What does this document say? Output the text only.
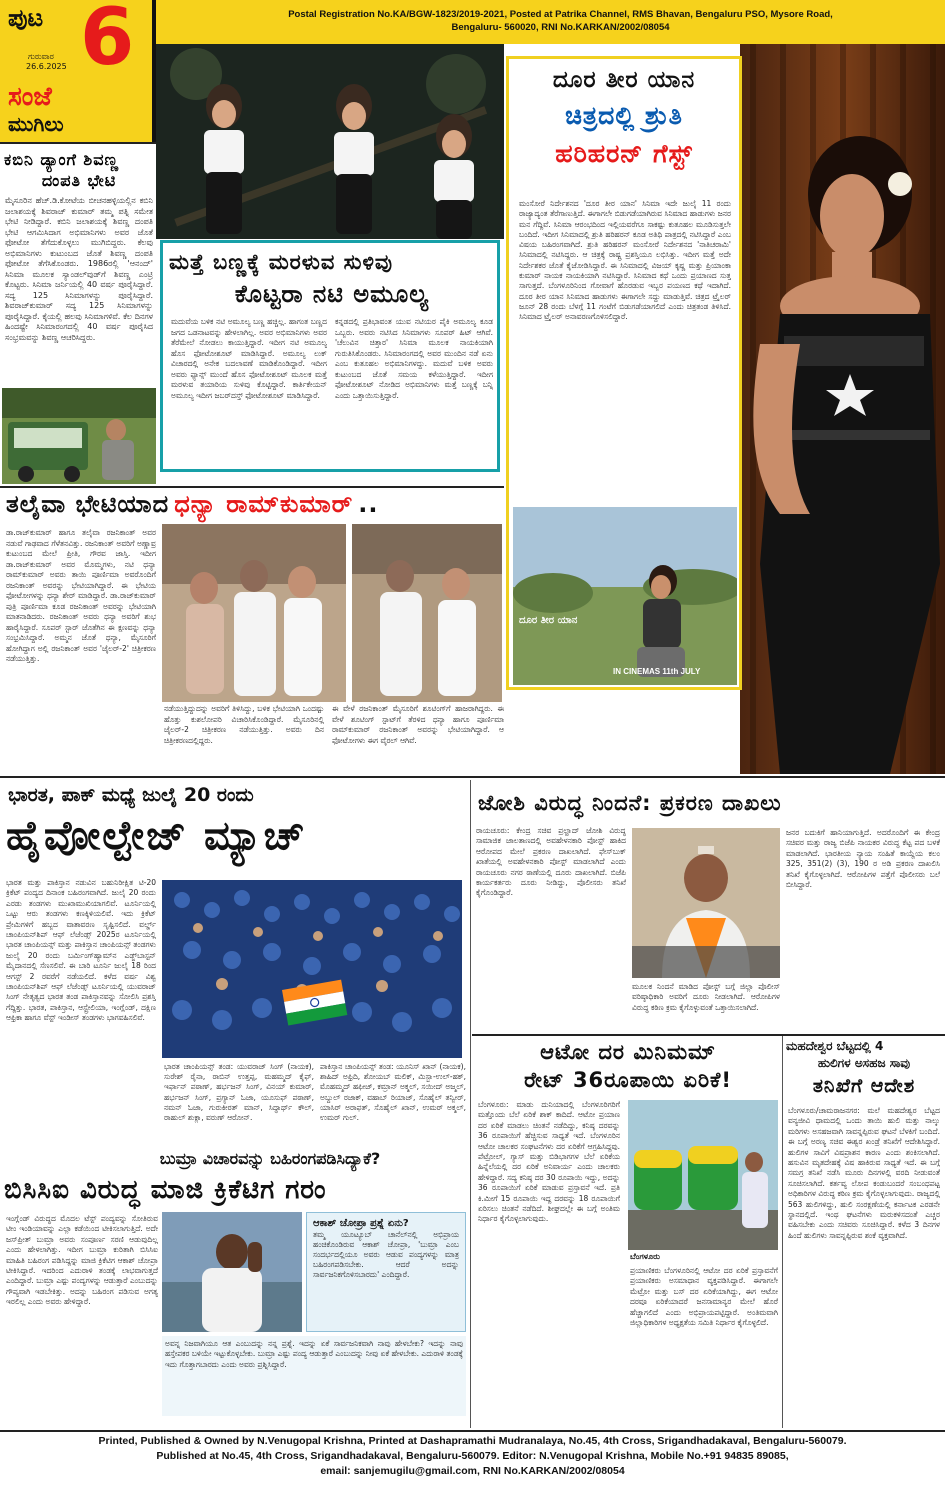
ಪುಟ 6
ಗುರುವಾರ
26.6.2025
ಸಂಜೆ
ಮುಗಿಲು
Postal Registration No.KA/BGW-1823/2019-2021, Posted at Patrika Channel, RMS Bhavan, Bengaluru PSO, Mysore Road,
Bengaluru- 560020, RNI No.KARKAN/2002/08054
ಕಬಿನಿ ಡ್ಯಾಂಗೆ ಶಿವಣ್ಣ
ದಂಪತಿ ಭೇಟಿ
ಮೈಸೂರಿನ ಹೆಚ್.ಡಿ.ಕೋಟೆಯ ಬೀಚನಹಳ್ಳಿಯಲ್ಲಿನ ಕಬಿನಿ ಜಲಾಶಯಕ್ಕೆ ಶಿವರಾಜ್ ಕುಮಾರ್ ತಮ್ಮ ಪತ್ನಿ ಸಮೇತ ಭೇಟಿ ನೀಡಿದ್ದಾರೆ. ಕಬಿನಿ ಜಲಾಶಯಕ್ಕೆ ಶಿವಣ್ಣ ದಂಪತಿ ಭೇಟಿ ಆಗಮಿಸಿದಾಗ ಅಭಿಮಾನಿಗಳು ಅವರ ಜೊತೆ ಫೋಟೋ ತೆಗೆದುಕೊಳ್ಳಲು ಮುಗಿಬಿದ್ದರು. ಕೆಲವು ಅಭಿಮಾನಿಗಳು ಕುಟುಂಬದ ಜೊತೆ ಶಿವಣ್ಣ ದಂಪತಿ ಫೋಟೋ ತೆಗೆಸಿಕೊಂಡರು. 1986ರಲ್ಲಿ 'ಆನಂದ್' ಸಿನಿಮಾ ಮೂಲಕ ಸ್ಯಾಂಡಲ್‌ವುಡ್‌ಗೆ ಶಿವಣ್ಣ ಎಂಟ್ರಿ ಕೊಟ್ಟರು. ಸಿನಿಮಾ ಜರ್ನಿಯಲ್ಲಿ 40 ವರ್ಷ ಪೂರೈಸಿದ್ದಾರೆ. ಸದ್ಯ 125 ಸಿನಿಮಾಗಳನ್ನು ಪೂರೈಸಿದ್ದಾರೆ. ಶಿವರಾಜ್‌ಕುಮಾರ್ ಸದ್ಯ 125 ಸಿನಿಮಾಗಳನ್ನು ಪೂರೈಸಿದ್ದಾರೆ. ಕೈಯಲ್ಲಿ ಹಲವು ಸಿನಿಮಾಗಳಿವೆ. ಕೆಲ ದಿನಗಳ ಹಿಂದಷ್ಟೇ ಸಿನಿಮಾರಂಗದಲ್ಲಿ 40 ವರ್ಷ ಪೂರೈಸಿದ ಸಂಭ್ರಮವನ್ನು ಶಿವಣ್ಣ ಆಚರಿಸಿದ್ದರು.
ಮತ್ತೆ ಬಣ್ಣಕ್ಕೆ ಮರಳುವ ಸುಳಿವು
ಕೊಟ್ಟರಾ ನಟಿ ಅಮೂಲ್ಯ
ಮದುವೆಯ ಬಳಿಕ ನಟಿ ಅಮೂಲ್ಯ ಬಣ್ಣ ಹಚ್ಚಿಲ್ಲ. ಹಾಗಂತ ಬಣ್ಣದ ಜಗದ ಒಡನಾಟವನ್ನು ಹೇಳಲಾಗಿಲ್ಲ. ಅವರ ಅಭಿಮಾನಿಗಳು ಅವರ ತೆರೆಮೇಲೆ ನೋಡಲು ಕಾಯುತ್ತಿದ್ದಾರೆ. ಇದೀಗ ನಟಿ ಅಮೂಲ್ಯ ಹೊಸ ಫೋಟೋಶೂಟ್ ಮಾಡಿಸಿದ್ದಾರೆ. ಅಮೂಲ್ಯ ಲುಕ್ ವಿಚಾರದಲ್ಲಿ ಅನೇಕ ಬದಲಾವಣೆ ಮಾಡಿಕೊಂಡಿದ್ದಾರೆ. ಇದೀಗ ಅವರು ಫ್ಯಾನ್ಸ್ ಮುಂದೆ ಹೊಸ ಫೋಟೋಶೂಟ್ ಮೂಲಕ ಮತ್ತೆ ಮರಳುವ ತಯಾರಿಯ ಸುಳಿವು ಕೊಟ್ಟಿದ್ದಾರೆ. ಕಾರ್ತಿಕೇಯನ್ ಅಮೂಲ್ಯ ಇದೀಗ ಜಬರ್‌ದಸ್ತ್ ಫೋಟೋಶೂಟ್ ಮಾಡಿಸಿದ್ದಾರೆ.
ಕನ್ನಡದಲ್ಲಿ ಪ್ರತಿಭಾವಂತ ಯುವ ನಟಿಯರ ಪೈಕಿ ಅಮೂಲ್ಯ ಕೂಡ ಒಬ್ಬರು. ಅವರು ನಟಿಸಿದ ಸಿನಿಮಾಗಳು ಸೂಪರ್ ಹಿಟ್ ಆಗಿವೆ. 'ಚೆಲುವಿನ ಚಿತ್ತಾರ' ಸಿನಿಮಾ ಮೂಲಕ ನಾಯಕಿಯಾಗಿ ಗುರುತಿಸಿಕೊಂಡರು. ಸಿನಿಮಾರಂಗದಲ್ಲಿ ಅವರ ಮುಂದಿನ ನಡೆ ಏನು ಎಂಬ ಕುತೂಹಲ ಅಭಿಮಾನಿಗಳದ್ದು. ಮದುವೆ ಬಳಿಕ ಅವರು ಕುಟುಂಬದ ಜೊತೆ ಸಮಯ ಕಳೆಯುತ್ತಿದ್ದಾರೆ. ಇದೀಗ ಫೋಟೋಶೂಟ್ ನೋಡಿದ ಅಭಿಮಾನಿಗಳು ಮತ್ತೆ ಬಣ್ಣಕ್ಕೆ ಬನ್ನಿ ಎಂದು ಒತ್ತಾಯಿಸುತ್ತಿದ್ದಾರೆ.
ದೂರ ತೀರ ಯಾನ
ಚಿತ್ರದಲ್ಲಿ ಶ್ರುತಿ
ಹರಿಹರನ್ ಗೆಸ್ಟ್
ಮಂಸೋರೆ ನಿರ್ದೇಶನದ 'ದೂರ ತೀರ ಯಾನ' ಸಿನಿಮಾ ಇದೇ ಜುಲೈ 11 ರಂದು ರಾಜ್ಯಾದ್ಯಂತ ತೆರೆಗಾಣುತ್ತಿದೆ. ಈಗಾಗಲೇ ಬಿಡುಗಡೆಯಾಗಿರುವ ಸಿನಿಮಾದ ಹಾಡುಗಳು ಜನರ ಮನ ಗೆದ್ದಿವೆ. ಸಿನಿಮಾ ಆರಂಭದಿಂದ ಇಲ್ಲಿಯವರೆಗೂ ಸಾಕಷ್ಟು ಕುತೂಹಲ ಮೂಡಿಸುತ್ತಲೇ ಬಂದಿದೆ. ಇದೀಗ ಸಿನಿಮಾದಲ್ಲಿ ಶ್ರುತಿ ಹರಿಹರನ್ ಕೂಡ ಅತಿಥಿ ಪಾತ್ರದಲ್ಲಿ ನಟಿಸಿದ್ದಾರೆ ಎಂಬ ವಿಷಯ ಬಹಿರಂಗವಾಗಿದೆ. ಶ್ರುತಿ ಹರಿಹರನ್ ಮಂಸೋರೆ ನಿರ್ದೇಶನದ 'ನಾತಿಚರಾಮಿ' ಸಿನಿಮಾದಲ್ಲಿ ನಟಿಸಿದ್ದರು. ಆ ಚಿತ್ರಕ್ಕೆ ರಾಷ್ಟ್ರ ಪ್ರಶಸ್ತಿಯೂ ಲಭಿಸಿತ್ತು. ಇದೀಗ ಮತ್ತೆ ಅದೇ ನಿರ್ದೇಶಕರ ಜೊತೆ ಕೈಜೋಡಿಸಿದ್ದಾರೆ. ಈ ಸಿನಿಮಾದಲ್ಲಿ ವಿಜಯ್ ಕೃಷ್ಣ ಮತ್ತು ಪ್ರಿಯಾಂಕಾ ಕುಮಾರ್ ನಾಯಕ ನಾಯಕಿಯಾಗಿ ನಟಿಸಿದ್ದಾರೆ. ಸಿನಿಮಾದ ಕಥೆ ಒಂದು ಪ್ರಯಾಣದ ಸುತ್ತ ಸಾಗುತ್ತದೆ. ಬೆಂಗಳೂರಿನಿಂದ ಗೋವಾಗೆ ಹೊರಡುವ ಇಬ್ಬರ ಪಯಣದ ಕಥೆ ಇದಾಗಿದೆ. ದೂರ ತೀರ ಯಾನ ಸಿನಿಮಾದ ಹಾಡುಗಳು ಈಗಾಗಲೇ ಸದ್ದು ಮಾಡುತ್ತಿವೆ. ಚಿತ್ರದ ಟ್ರೈಲರ್ ಜೂನ್ 28 ರಂದು ಬೆಳಗ್ಗೆ 11 ಗಂಟೆಗೆ ಬಿಡುಗಡೆಯಾಗಲಿದೆ ಎಂದು ಚಿತ್ರತಂಡ ತಿಳಿಸಿದೆ. ಸಿನಿಮಾದ ಟ್ರೈಲರ್ ಅನಾವರಣಗೊಳಿಸಲಿದ್ದಾರೆ.
ದೂರ ತೀರ ಯಾನ
IN CINEMAS 11th JULY
ತಲೈವಾ ಭೇಟಿಯಾದ ಧನ್ಯಾ ರಾಮ್‌ಕುಮಾರ್ ..
ಡಾ.ರಾಜ್‌ಕುಮಾರ್ ಹಾಗೂ ತಲೈವಾ ರಜನಿಕಾಂತ್ ಅವರ ನಡುವೆ ಗಾಢವಾದ ಗೆಳೆತನವಿತ್ತು. ರಜನಿಕಾಂತ್ ಅವರಿಗೆ ಅಣ್ಣಾವ್ರ ಕುಟುಂಬದ ಮೇಲೆ ಪ್ರೀತಿ, ಗೌರವ ಜಾಸ್ತಿ. ಇದೀಗ ಡಾ.ರಾಜ್‌ಕುಮಾರ್ ಅವರ ಮೊಮ್ಮಗಳು, ನಟಿ ಧನ್ಯಾ ರಾಮ್‌ಕುಮಾರ್ ಅವರು ತಾಯಿ ಪೂರ್ಣಿಮಾ ಅವರೊಂದಿಗೆ ರಜನಿಕಾಂತ್ ಅವರನ್ನು ಭೇಟಿಯಾಗಿದ್ದಾರೆ. ಈ ಭೇಟಿಯ ಫೋಟೋಗಳನ್ನು ಧನ್ಯಾ ಶೇರ್ ಮಾಡಿದ್ದಾರೆ. ಡಾ.ರಾಜ್‌ಕುಮಾರ್ ಪುತ್ರಿ ಪೂರ್ಣಿಮಾ ಕೂಡ ರಜನಿಕಾಂತ್ ಅವರನ್ನು ಭೇಟಿಯಾಗಿ ಮಾತನಾಡಿದರು. ರಜನಿಕಾಂತ್ ಅವರು ಧನ್ಯಾ ಅವರಿಗೆ ಶುಭ ಹಾರೈಸಿದ್ದಾರೆ. ಸೂಪರ್ ಸ್ಟಾರ್ ಜೊತೆಗಿನ ಈ ಕ್ಷಣವನ್ನು ಧನ್ಯಾ ಸಂಭ್ರಮಿಸಿದ್ದಾರೆ. ಅಮ್ಮನ ಜೊತೆ ಧನ್ಯಾ, ಮೈಸೂರಿಗೆ ಹೋಗಿದ್ದಾಗ ಅಲ್ಲಿ ರಜನಿಕಾಂತ್ ಅವರ 'ಜೈಲರ್-2' ಚಿತ್ರೀಕರಣ ನಡೆಯುತ್ತಿತ್ತು.
ನಡೆಯುತ್ತಿದ್ದುದನ್ನು ಅವರಿಗೆ ತಿಳಿಸಿದ್ದು, ಬಳಿಕ ಭೇಟಿಯಾಗಿ ಒಂದಷ್ಟು ಹೊತ್ತು ಕುಶಲೋಪರಿ ವಿಚಾರಿಸಿಕೊಂಡಿದ್ದಾರೆ. ಮೈಸೂರಿನಲ್ಲಿ ಜೈಲರ್-2 ಚಿತ್ರೀಕರಣ ನಡೆಯುತ್ತಿತ್ತು. ಅವರು ದಿನ ಚಿತ್ರೀಕರಣದಲ್ಲಿದ್ದರು.
ಈ ವೇಳೆ ರಜನಿಕಾಂತ್ ಮೈಸೂರಿಗೆ ಶೂಟಿಂಗ್‌ಗೆ ಹಾಜರಾಗಿದ್ದರು. ಈ ವೇಳೆ ಶೂಟಿಂಗ್ ಸ್ಪಾಟ್‌ಗೆ ತೆರಳಿದ ಧನ್ಯಾ ಹಾಗೂ ಪೂರ್ಣಿಮಾ ರಾಮ್‌ಕುಮಾರ್ ರಜನಿಕಾಂತ್ ಅವರನ್ನು ಭೇಟಿಯಾಗಿದ್ದಾರೆ. ಆ ಫೋಟೋಗಳು ಈಗ ವೈರಲ್ ಆಗಿವೆ.
ಭಾರತ, ಪಾಕ್ ಮಧ್ಯೆ ಜುಲೈ 20 ರಂದು
ಹೈವೋಲ್ಟೇಜ್ ಮ್ಯಾಚ್
ಭಾರತ ಮತ್ತು ಪಾಕಿಸ್ತಾನ ನಡುವಿನ ಬಹುನಿರೀಕ್ಷಿತ ಟಿ-20 ಕ್ರಿಕೆಟ್ ಪಂದ್ಯದ ದಿನಾಂಕ ಬಹಿರಂಗವಾಗಿದೆ. ಜುಲೈ 20 ರಂದು ಎರಡು ತಂಡಗಳು ಮುಖಾಮುಖಿಯಾಗಲಿವೆ. ಟೂರ್ನಿಯಲ್ಲಿ ಒಟ್ಟು ಆರು ತಂಡಗಳು ಕಣಕ್ಕಿಳಿಯಲಿವೆ. ಇದು ಕ್ರಿಕೆಟ್ ಪ್ರೇಮಿಗಳಿಗೆ ಹಬ್ಬದ ವಾತಾವರಣ ಸೃಷ್ಟಿಸಲಿದೆ. ವರ್ಲ್ಡ್ ಚಾಂಪಿಯನ್‌ಶಿಪ್ ಆಫ್ ಲೆಜೆಂಡ್ಸ್ 2025ರ ಟೂರ್ನಿಯಲ್ಲಿ ಭಾರತ ಚಾಂಪಿಯನ್ಸ್ ಮತ್ತು ಪಾಕಿಸ್ತಾನ ಚಾಂಪಿಯನ್ಸ್ ತಂಡಗಳು ಜುಲೈ 20 ರಂದು ಬರ್ಮಿಂಗ್‌ಹ್ಯಾಮ್‌ನ ಎಡ್ಜ್‌ಬಾಸ್ಟನ್ ಮೈದಾನದಲ್ಲಿ ಸೆಣಸಲಿವೆ. ಈ ಬಾರಿ ಟೂರ್ನಿ ಜುಲೈ 18 ರಿಂದ ಆಗಸ್ಟ್ 2 ರವರೆಗೆ ನಡೆಯಲಿದೆ. ಕಳೆದ ವರ್ಷ ವಿಶ್ವ ಚಾಂಪಿಯನ್‌ಶಿಪ್ ಆಫ್ ಲೆಜೆಂಡ್ಸ್ ಟೂರ್ನಿಯಲ್ಲಿ ಯುವರಾಜ್ ಸಿಂಗ್ ನೇತೃತ್ವದ ಭಾರತ ತಂಡ ಪಾಕಿಸ್ತಾನವನ್ನು ಸೋಲಿಸಿ ಪ್ರಶಸ್ತಿ ಗೆದ್ದಿತ್ತು. ಭಾರತ, ಪಾಕಿಸ್ತಾನ, ಆಸ್ಟ್ರೇಲಿಯಾ, ಇಂಗ್ಲೆಂಡ್, ದಕ್ಷಿಣ ಆಫ್ರಿಕಾ ಹಾಗೂ ವೆಸ್ಟ್ ಇಂಡೀಸ್ ತಂಡಗಳು ಭಾಗವಹಿಸಲಿವೆ.
ಭಾರತ ಚಾಂಪಿಯನ್ಸ್ ತಂಡ: ಯುವರಾಜ್ ಸಿಂಗ್ (ನಾಯಕ), ಸುರೇಶ್ ರೈನಾ, ರಾಬಿನ್ ಉತ್ತಪ್ಪ, ಮಹಮ್ಮದ್ ಕೈಫ್, ಇರ್ಫಾನ್ ಪಠಾಣ್, ಹರ್ಭಜನ್ ಸಿಂಗ್, ವಿನಯ್ ಕುಮಾರ್, ಹರ್ಭಜನ್ ಸಿಂಗ್, ಪ್ರಗ್ಯಾನ್ ಓಜಾ, ಯೂಸುಫ್ ಪಠಾಣ್, ನಮನ್ ಓಜಾ, ಗುರುಕೀರತ್ ಮಾನ್, ಸಿದ್ಧಾರ್ಥ್ ಕೌಲ್, ರಾಹುಲ್ ಶುಕ್ಲಾ, ವರುಣ್ ಆರೋನ್.
ಪಾಕಿಸ್ತಾನ ಚಾಂಪಿಯನ್ಸ್ ತಂಡ: ಯೂನಿಸ್ ಖಾನ್ (ನಾಯಕ), ಶಾಹಿದ್ ಅಫ್ರಿದಿ, ಶೋಯಬ್ ಮಲಿಕ್, ಮಿಸ್ಬಾ-ಉಲ್-ಹಕ್, ಮೊಹಮ್ಮದ್ ಹಫೀಜ್, ಕಮ್ರಾನ್ ಅಕ್ಮಲ್, ಸಯೀದ್ ಅಜ್ಮಲ್, ಅಬ್ದುಲ್ ರಜಾಕ್, ವಹಾಬ್ ರಿಯಾಜ್, ಸೊಹೈಲ್ ತನ್ವೀರ್, ಯಾಸಿರ್ ಅರಾಫತ್, ಸೊಹೈಲ್ ಖಾನ್, ಉಮರ್ ಅಕ್ಮಲ್, ಉಮರ್ ಗುಲ್.
ಬುಮ್ರಾ ವಿಚಾರವನ್ನು ಬಹಿರಂಗಪಡಿಸಿದ್ಯಾಕೆ?
ಬಿಸಿಸಿಐ ವಿರುದ್ಧ ಮಾಜಿ ಕ್ರಿಕೆಟಿಗ ಗರಂ
ಇಂಗ್ಲೆಂಡ್ ವಿರುದ್ಧದ ಮೊದಲ ಟೆಸ್ಟ್ ಪಂದ್ಯವನ್ನು ಸೋತಿರುವ ಟೀಂ ಇಂಡಿಯಾವನ್ನು ಎಲ್ಲಾ ಕಡೆಯಿಂದ ಟೀಕಿಸಲಾಗುತ್ತಿದೆ. ಅದೇ ಜಸ್‌ಪ್ರೀತ್ ಬುಮ್ರಾ ಅವರು ಸಂಪೂರ್ಣ ಸರಣಿ ಆಡುವುದಿಲ್ಲ ಎಂದು ಹೇಳಲಾಗಿತ್ತು. ಇದೀಗ ಬುಮ್ರಾ ಕುರಿತಾಗಿ ಬಿಸಿಸಿಐ ಮಾಹಿತಿ ಬಹಿರಂಗ ಪಡಿಸಿದ್ದನ್ನು ಮಾಜಿ ಕ್ರಿಕೆಟಿಗ ಆಕಾಶ್ ಚೋಪ್ರಾ ಟೀಕಿಸಿದ್ದಾರೆ. ಇದರಿಂದ ಎದುರಾಳಿ ತಂಡಕ್ಕೆ ಲಾಭವಾಗುತ್ತದೆ ಎಂದಿದ್ದಾರೆ. ಬುಮ್ರಾ ಎಷ್ಟು ಪಂದ್ಯಗಳನ್ನು ಆಡುತ್ತಾರೆ ಎಂಬುದನ್ನು ಗೌಪ್ಯವಾಗಿ ಇಡಬೇಕಿತ್ತು. ಅದನ್ನು ಬಹಿರಂಗ ಪಡಿಸುವ ಅಗತ್ಯ ಇರಲಿಲ್ಲ ಎಂದು ಅವರು ಹೇಳಿದ್ದಾರೆ.
ಆಕಾಶ್ ಚೋಪ್ರಾ ಪ್ರಶ್ನೆ ಏನು?
ತಮ್ಮ ಯೂಟ್ಯೂಬ್ ಚಾನೆಲ್‌ನಲ್ಲಿ ಅಭಿಪ್ರಾಯ ಹಂಚಿಕೊಂಡಿರುವ ಆಕಾಶ್ ಚೋಪ್ರಾ, 'ಬುಮ್ರಾ ಎಂಬ ಸಂದರ್ಭದಲ್ಲಿಯೂ ಅವರು ಆಡುವ ಪಂದ್ಯಗಳನ್ನು ಮಾತ್ರ ಬಹಿರಂಗಪಡಿಸಬೇಕು. ಆದರೆ ಅದನ್ನು ಸಾರ್ವಜನಿಕಗೊಳಿಸಬಾರದು' ಎಂದಿದ್ದಾರೆ.
ಅವನ್ನ ನಿಜವಾಗಿಯೂ ಆತ ಎಂಬುದನ್ನು ನನ್ನ ಪ್ರಶ್ನೆ. ಇದನ್ನು ಏಕೆ ಸಾರ್ವಜನಿಕವಾಗಿ ನಾವು ಹೇಳಬೇಕು? ಇದನ್ನು ನಾವು ಹಸ್ತೇಪಕರ ಬಳಿಯೇ ಇಟ್ಟುಕೊಳ್ಳಬೇಕು. ಬುಮ್ರಾ ಎಷ್ಟು ಪಂದ್ಯ ಆಡುತ್ತಾರೆ ಎಂಬುದನ್ನು ನೀವು ಏಕೆ ಹೇಳಬೇಕು. ಎದುರಾಳಿ ತಂಡಕ್ಕೆ ಇದು ಗೊತ್ತಾಗಬಾರದು ಎಂದು ಅವರು ಪ್ರಶ್ನಿಸಿದ್ದಾರೆ.
ಜೋಶಿ ವಿರುದ್ಧ ನಿಂದನೆ: ಪ್ರಕರಣ ದಾಖಲು
ರಾಯಚೂರು: ಕೇಂದ್ರ ಸಚಿವ ಪ್ರಲ್ಹಾದ್ ಜೋಶಿ ವಿರುದ್ಧ ಸಾಮಾಜಿಕ ಜಾಲತಾಣದಲ್ಲಿ ಅವಹೇಳನಕಾರಿ ಪೋಸ್ಟ್ ಹಾಕಿದ ಆರೋಪದ ಮೇಲೆ ಪ್ರಕರಣ ದಾಖಲಾಗಿದೆ. ಫೇಸ್‌ಬುಕ್ ಖಾತೆಯಲ್ಲಿ ಅವಹೇಳನಕಾರಿ ಪೋಸ್ಟ್ ಮಾಡಲಾಗಿದೆ ಎಂದು ರಾಯಚೂರು ನಗರ ಠಾಣೆಯಲ್ಲಿ ದೂರು ದಾಖಲಾಗಿದೆ. ಬಿಜೆಪಿ ಕಾರ್ಯಕರ್ತರು ದೂರು ನೀಡಿದ್ದು, ಪೊಲೀಸರು ತನಿಖೆ ಕೈಗೊಂಡಿದ್ದಾರೆ.
ಮೂಲಕ ನಿಂದನೆ ಮಾಡಿದ ಪೋಸ್ಟ್ ಬಗ್ಗೆ ಜಿಲ್ಲಾ ಪೊಲೀಸ್ ವರಿಷ್ಠಾಧಿಕಾರಿ ಅವರಿಗೆ ದೂರು ನೀಡಲಾಗಿದೆ. ಆರೋಪಿಗಳ ವಿರುದ್ಧ ಕಠಿಣ ಕ್ರಮ ಕೈಗೊಳ್ಳುವಂತೆ ಒತ್ತಾಯಿಸಲಾಗಿದೆ.
ಜನರ ಬದುಕಿಗೆ ಹಾನಿಯಾಗುತ್ತಿದೆ. ಅದರೊಂದಿಗೆ ಈ ಕೇಂದ್ರ ಸಚಿವರ ಮತ್ತು ರಾಜ್ಯ ಬಿಜೆಪಿ ನಾಯಕರ ವಿರುದ್ಧ ಕೆಟ್ಟ ಪದ ಬಳಕೆ ಮಾಡಲಾಗಿದೆ. ಭಾರತೀಯ ನ್ಯಾಯ ಸಂಹಿತೆ ಕಾಯ್ದೆಯ ಕಲಂ 325, 351(2) (3), 190 ರ ಅಡಿ ಪ್ರಕರಣ ದಾಖಲಿಸಿ ತನಿಖೆ ಕೈಗೊಳ್ಳಲಾಗಿದೆ. ಆರೋಪಿಗಳ ಪತ್ತೆಗೆ ಪೊಲೀಸರು ಬಲೆ ಬೀಸಿದ್ದಾರೆ.
ಆಟೋ ದರ ಮಿನಿಮಮ್
ರೇಟ್ 36ರೂಪಾಯಿ ಏರಿಕೆ!
ಬೆಂಗಳೂರು: ಮಾಡು ದುನಿಯಾದಲ್ಲಿ ಬೆಂಗಳೂರಿಗರಿಗೆ ಮತ್ತೊಂದು ಬೆಲೆ ಏರಿಕೆ ಶಾಕ್ ಕಾದಿದೆ. ಆಟೋ ಪ್ರಯಾಣ ದರ ಏರಿಕೆ ಮಾಡಲು ಚಿಂತನೆ ನಡೆದಿದ್ದು, ಕನಿಷ್ಠ ದರವನ್ನು 36 ರೂಪಾಯಿಗೆ ಹೆಚ್ಚಿಸುವ ಸಾಧ್ಯತೆ ಇದೆ. ಬೆಂಗಳೂರಿನ ಆಟೋ ಚಾಲಕರ ಸಂಘಟನೆಗಳು ದರ ಏರಿಕೆಗೆ ಆಗ್ರಹಿಸಿದ್ದವು. ಪೆಟ್ರೋಲ್, ಗ್ಯಾಸ್ ಮತ್ತು ಬಿಡಿಭಾಗಗಳ ಬೆಲೆ ಏರಿಕೆಯ ಹಿನ್ನೆಲೆಯಲ್ಲಿ ದರ ಏರಿಕೆ ಅನಿವಾರ್ಯ ಎಂದು ಚಾಲಕರು ಹೇಳಿದ್ದಾರೆ. ಸದ್ಯ ಕನಿಷ್ಠ ದರ 30 ರೂಪಾಯಿ ಇದ್ದು, ಅದನ್ನು 36 ರೂಪಾಯಿಗೆ ಏರಿಕೆ ಮಾಡುವ ಪ್ರಸ್ತಾವನೆ ಇದೆ. ಪ್ರತಿ ಕಿ.ಮೀಗೆ 15 ರೂಪಾಯಿ ಇದ್ದ ದರವನ್ನು 18 ರೂಪಾಯಿಗೆ ಏರಿಸಲು ಚಿಂತನೆ ನಡೆದಿದೆ. ಶೀಘ್ರದಲ್ಲೇ ಈ ಬಗ್ಗೆ ಅಂತಿಮ ನಿರ್ಧಾರ ಕೈಗೊಳ್ಳಲಾಗುವುದು.
ಬೆಂಗಳೂರು
ಪ್ರಯಾಣಿಕರು ಬೆಂಗಳೂರಿನಲ್ಲಿ ಆಟೋ ದರ ಏರಿಕೆ ಪ್ರಸ್ತಾವನೆಗೆ ಪ್ರಯಾಣಿಕರು ಅಸಮಾಧಾನ ವ್ಯಕ್ತಪಡಿಸಿದ್ದಾರೆ. ಈಗಾಗಲೇ ಮೆಟ್ರೋ ಮತ್ತು ಬಸ್ ದರ ಏರಿಕೆಯಾಗಿದ್ದು, ಈಗ ಆಟೋ ದರವೂ ಏರಿಕೆಯಾದರೆ ಜನಸಾಮಾನ್ಯರ ಮೇಲೆ ಹೊರೆ ಹೆಚ್ಚಾಗಲಿದೆ ಎಂದು ಅಭಿಪ್ರಾಯಪಟ್ಟಿದ್ದಾರೆ. ಅಂತಿಮವಾಗಿ ಜಿಲ್ಲಾಧಿಕಾರಿಗಳ ಅಧ್ಯಕ್ಷತೆಯ ಸಮಿತಿ ನಿರ್ಧಾರ ಕೈಗೊಳ್ಳಲಿದೆ.
ಮಹದೇಶ್ವರ ಬೆಟ್ಟದಲ್ಲಿ 4
ಹುಲಿಗಳ ಅಸಹಜ ಸಾವು
ತನಿಖೆಗೆ ಆದೇಶ
ಬೆಂಗಳೂರು/ಚಾಮರಾಜನಗರ: ಮಲೆ ಮಹದೇಶ್ವರ ಬೆಟ್ಟದ ವನ್ಯಜೀವಿ ಧಾಮದಲ್ಲಿ ಒಂದು ತಾಯಿ ಹುಲಿ ಮತ್ತು ನಾಲ್ಕು ಮರಿಗಳು ಅಸಹಜವಾಗಿ ಸಾವನ್ನಪ್ಪಿರುವ ಘಟನೆ ಬೆಳಕಿಗೆ ಬಂದಿದೆ. ಈ ಬಗ್ಗೆ ಅರಣ್ಯ ಸಚಿವ ಈಶ್ವರ ಖಂಡ್ರೆ ತನಿಖೆಗೆ ಆದೇಶಿಸಿದ್ದಾರೆ. ಹುಲಿಗಳ ಸಾವಿಗೆ ವಿಷಪ್ರಾಶನ ಕಾರಣ ಎಂದು ಶಂಕಿಸಲಾಗಿದೆ. ಹಸುವಿನ ಮೃತದೇಹಕ್ಕೆ ವಿಷ ಹಾಕಿರುವ ಸಾಧ್ಯತೆ ಇದೆ. ಈ ಬಗ್ಗೆ ಸಮಗ್ರ ತನಿಖೆ ನಡೆಸಿ ಮೂರು ದಿನಗಳಲ್ಲಿ ವರದಿ ನೀಡುವಂತೆ ಸೂಚಿಸಲಾಗಿದೆ. ಕರ್ತವ್ಯ ಲೋಪ ಕಂಡುಬಂದರೆ ಸಂಬಂಧಪಟ್ಟ ಅಧಿಕಾರಿಗಳ ವಿರುದ್ಧ ಕಠಿಣ ಕ್ರಮ ಕೈಗೊಳ್ಳಲಾಗುವುದು. ರಾಜ್ಯದಲ್ಲಿ 563 ಹುಲಿಗಳಿದ್ದು, ಹುಲಿ ಸಂರಕ್ಷಣೆಯಲ್ಲಿ ಕರ್ನಾಟಕ ಎರಡನೇ ಸ್ಥಾನದಲ್ಲಿದೆ. ಇಂಥ ಘಟನೆಗಳು ಮರುಕಳಿಸದಂತೆ ಎಚ್ಚರ ವಹಿಸಬೇಕು ಎಂದು ಸಚಿವರು ಸೂಚಿಸಿದ್ದಾರೆ. ಕಳೆದ 3 ದಿನಗಳ ಹಿಂದೆ ಹುಲಿಗಳು ಸಾವನ್ನಪ್ಪಿರುವ ಶಂಕೆ ವ್ಯಕ್ತವಾಗಿದೆ.
Printed, Published & Owned by N.Venugopal Krishna, Printed at Dashapramathi Mudranalaya, No.45, 4th Cross, Srigandhadakaval, Bengaluru-560079.
Published at No.45, 4th Cross, Srigandhadakaval, Bengaluru-560079. Editor: N.Venugopal Krishna, Mobile No.+91 94835 89085,
email: sanjemugilu@gmail.com, RNI No.KARKAN/2002/08054
